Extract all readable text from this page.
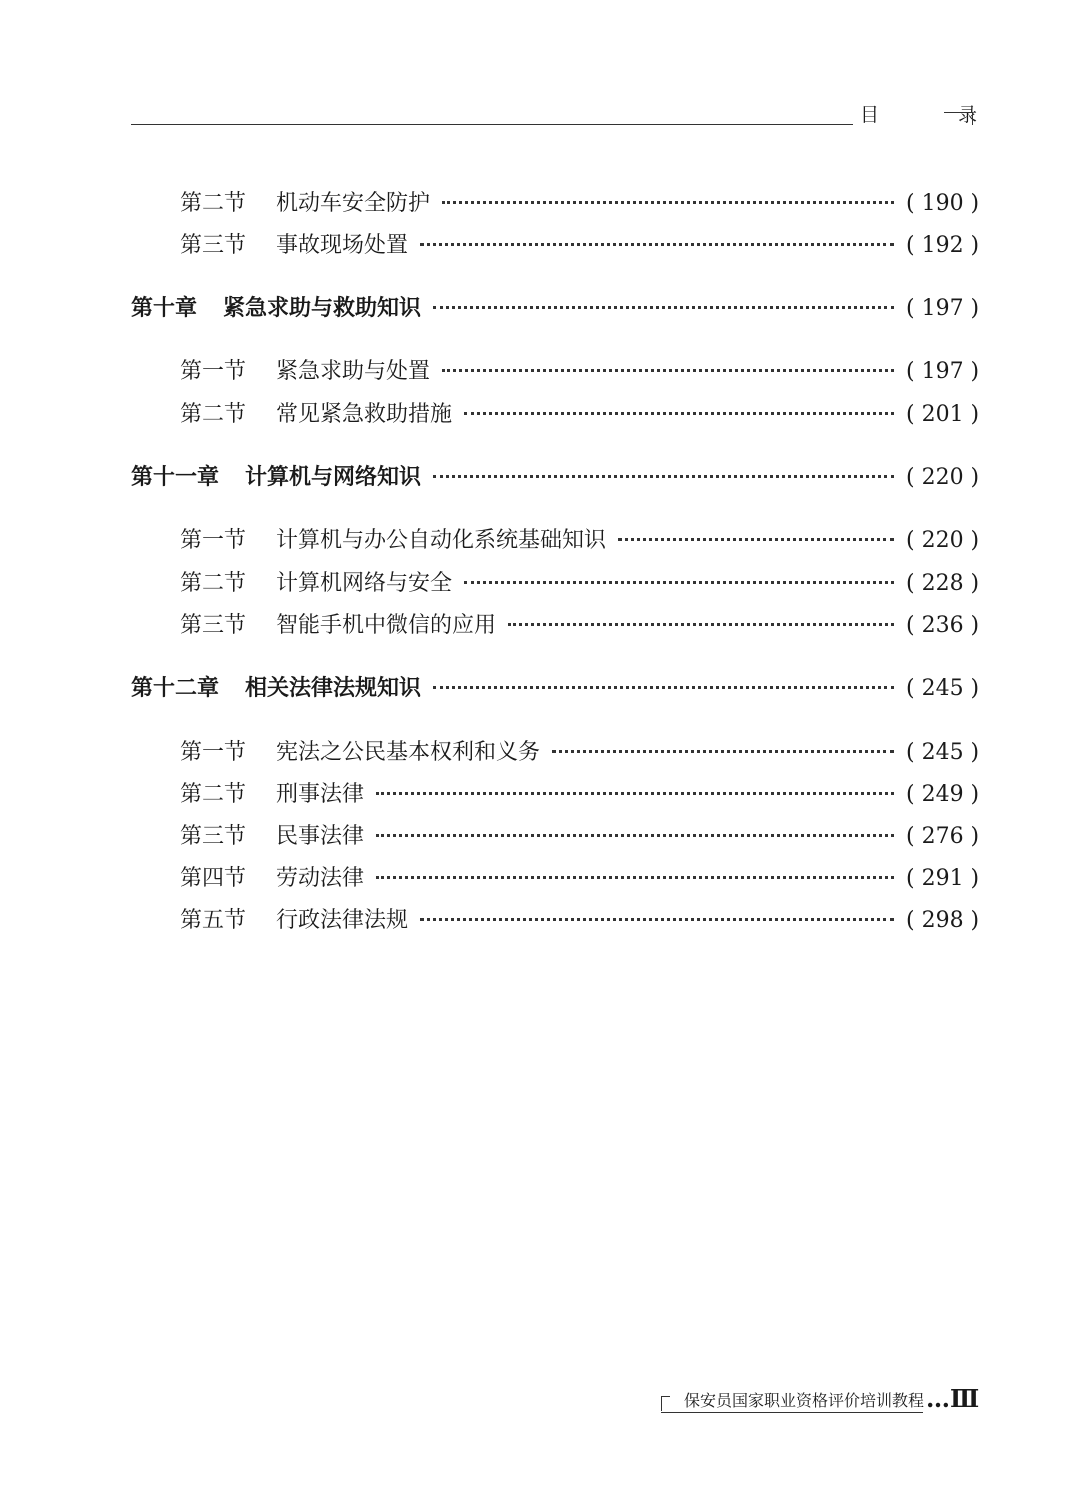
目　录
第二节	机动车安全防护	( 190 )
第三节	事故现场处置	( 192 )
第十章 紧急求助与救助知识	( 197 )
第一节	紧急求助与处置	( 197 )
第二节	常见紧急救助措施	( 201 )
第十一章 计算机与网络知识	( 220 )
第一节	计算机与办公自动化系统基础知识	( 220 )
第二节	计算机网络与安全	( 228 )
第三节	智能手机中微信的应用	( 236 )
第十二章 相关法律法规知识	( 245 )
第一节	宪法之公民基本权利和义务	( 245 )
第二节	刑事法律	( 249 )
第三节	民事法律	( 276 )
第四节	劳动法律	( 291 )
第五节	行政法律法规	( 298 )
保安员国家职业资格评价培训教程 …Ⅲ
